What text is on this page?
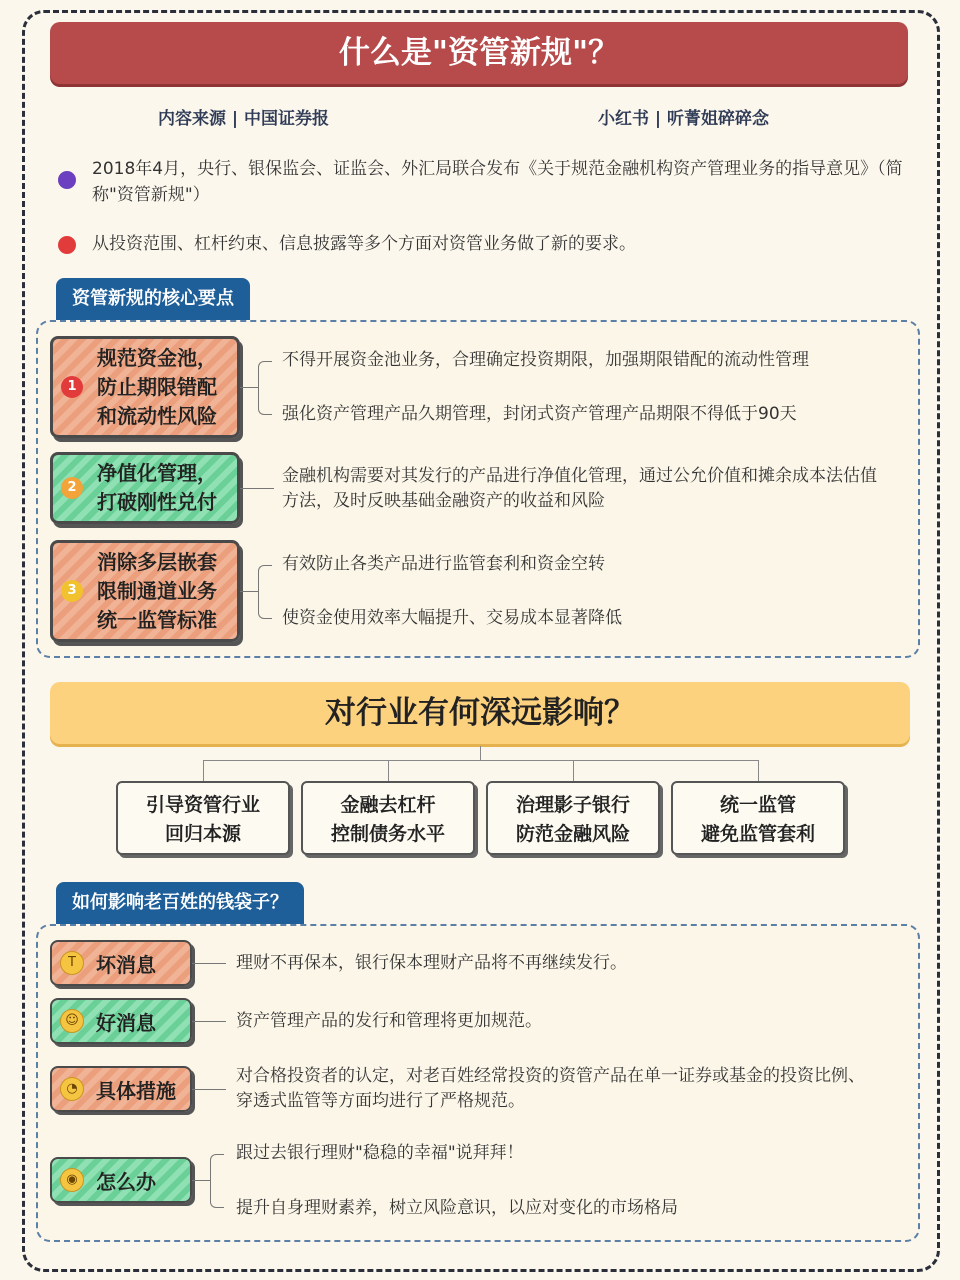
什么是"资管新规"？
内容来源 | 中国证券报	小红书 | 听菁姐碎碎念
2018年4月，央行、银保监会、证监会、外汇局联合发布《关于规范金融机构资产管理业务的指导意见》（简 称"资管新规"）
从投资范围、杠杆约束、信息披露等多个方面对资管业务做了新的要求。
资管新规的核心要点
1
规范资金池，
防止期限错配
和流动性风险
不得开展资金池业务，合理确定投资期限，加强期限错配的流动性管理
强化资产管理产品久期管理，封闭式资产管理产品期限不得低于90天
2
净值化管理，
打破刚性兑付
金融机构需要对其发行的产品进行净值化管理，通过公允价值和摊余成本法估值方法，及时反映基础金融资产的收益和风险
3
消除多层嵌套
限制通道业务
统一监管标准
有效防止各类产品进行监管套利和资金空转
使资金使用效率大幅提升、交易成本显著降低
对行业有何深远影响？
引导资管行业
回归本源
金融去杠杆
控制债务水平
治理影子银行
防范金融风险
统一监管
避免监管套利
如何影响老百姓的钱袋子？
T	坏消息	理财不再保本，银行保本理财产品将不再继续发行。
☺ 好消息	资产管理产品的发行和管理将更加规范。
◔ 具体措施
对合格投资者的认定，对老百姓经常投资的资管产品在单一证券或基金的投资比例、穿透式监管等方面均进行了严格规范。
◉ 怎么办
跟过去银行理财"稳稳的幸福"说拜拜！
提升自身理财素养，树立风险意识，以应对变化的市场格局
